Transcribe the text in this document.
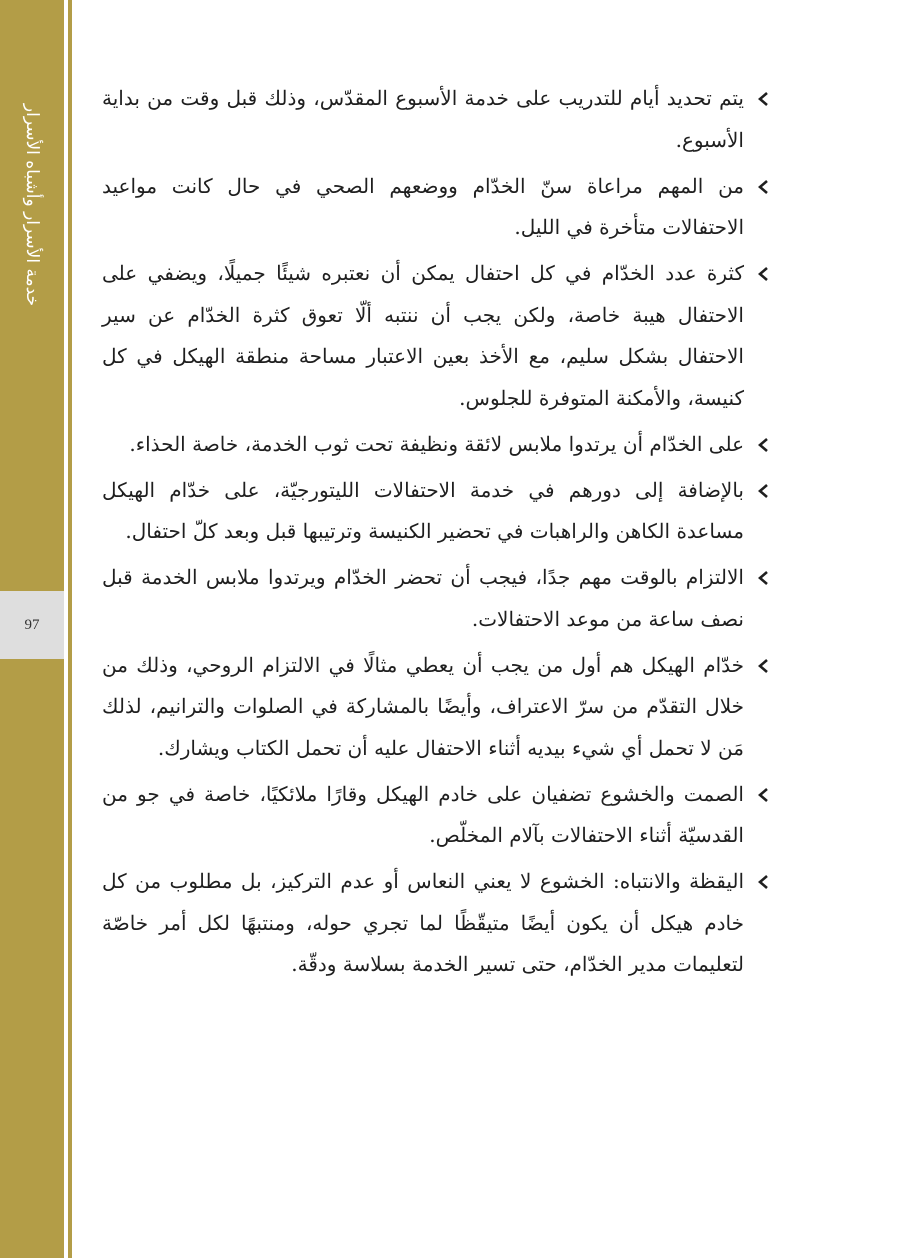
خدمة الأسرار وأشباه الأسرار
97
يتم تحديد أيام للتدريب على خدمة الأسبوع المقدّس، وذلك قبل وقت من بداية الأسبوع.
من المهم مراعاة سنّ الخدّام ووضعهم الصحي في حال كانت مواعيد الاحتفالات متأخرة في الليل.
كثرة عدد الخدّام في كل احتفال يمكن أن نعتبره شيئًا جميلًا، ويضفي على الاحتفال هيبة خاصة، ولكن يجب أن ننتبه ألّا تعوق كثرة الخدّام عن سير الاحتفال بشكل سليم، مع الأخذ بعين الاعتبار مساحة منطقة الهيكل في كل كنيسة، والأمكنة المتوفرة للجلوس.
على الخدّام أن يرتدوا ملابس لائقة ونظيفة تحت ثوب الخدمة، خاصة الحذاء.
بالإضافة إلى دورهم في خدمة الاحتفالات الليتورجيّة، على خدّام الهيكل مساعدة الكاهن والراهبات في تحضير الكنيسة وترتيبها قبل وبعد كلّ احتفال.
الالتزام بالوقت مهم جدًا، فيجب أن تحضر الخدّام ويرتدوا ملابس الخدمة قبل نصف ساعة من موعد الاحتفالات.
خدّام الهيكل هم أول من يجب أن يعطي مثالًا في الالتزام الروحي، وذلك من خلال التقدّم من سرّ الاعتراف، وأيضًا بالمشاركة في الصلوات والترانيم، لذلك مَن لا تحمل أي شيء بيديه أثناء الاحتفال عليه أن تحمل الكتاب ويشارك.
الصمت والخشوع تضفيان على خادم الهيكل وقارًا ملائكيًا، خاصة في جو من القدسيّة أثناء الاحتفالات بآلام المخلّص.
اليقظة والانتباه: الخشوع لا يعني النعاس أو عدم التركيز، بل مطلوب من كل خادم هيكل أن يكون أيضًا متيقّظًا لما تجري حوله، ومنتبهًا لكل أمر خاصّة لتعليمات مدير الخدّام، حتى تسير الخدمة بسلاسة ودقّة.
